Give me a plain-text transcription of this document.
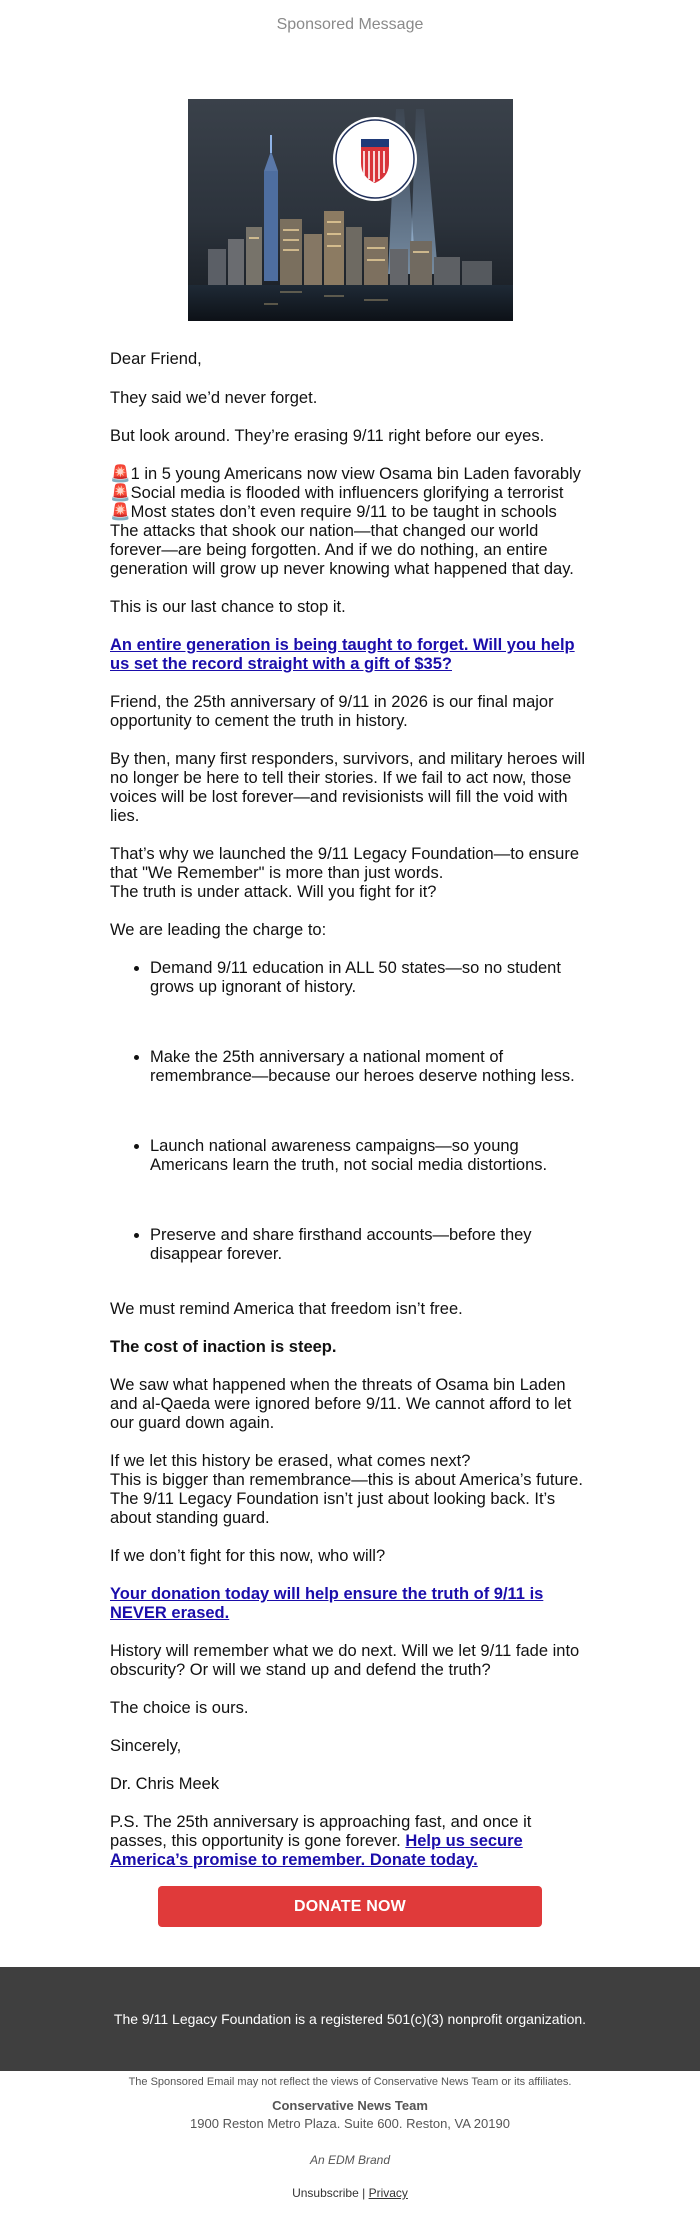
Sponsored Message

Dear Friend,

They said we’d never forget.

But look around. They’re erasing 9/11 right before our eyes.

🚨 1 in 5 young Americans now view Osama bin Laden favorably
🚨 Social media is flooded with influencers glorifying a terrorist
🚨 Most states don’t even require 9/11 to be taught in schools

The attacks that shook our nation—that changed our world forever—are being forgotten. And if we do nothing, an entire generation will grow up never knowing what happened that day.

This is our last chance to stop it.

An entire generation is being taught to forget. Will you help us set the record straight with a gift of $35?

Friend, the 25th anniversary of 9/11 in 2026 is our final major opportunity to cement the truth in history.

By then, many first responders, survivors, and military heroes will no longer be here to tell their stories. If we fail to act now, those voices will be lost forever—and revisionists will fill the void with lies.

That’s why we launched the 9/11 Legacy Foundation—to ensure that "We Remember" is more than just words.

The truth is under attack. Will you fight for it?

We are leading the charge to:

• Demand 9/11 education in ALL 50 states—so no student grows up ignorant of history.
• Make the 25th anniversary a national moment of remembrance—because our heroes deserve nothing less.
• Launch national awareness campaigns—so young Americans learn the truth, not social media distortions.
• Preserve and share firsthand accounts—before they disappear forever.

We must remind America that freedom isn’t free.

The cost of inaction is steep.

We saw what happened when the threats of Osama bin Laden and al-Qaeda were ignored before 9/11. We cannot afford to let our guard down again.

If we let this history be erased, what comes next?

This is bigger than remembrance—this is about America’s future. The 9/11 Legacy Foundation isn’t just about looking back. It’s about standing guard.

If we don’t fight for this now, who will?

Your donation today will help ensure the truth of 9/11 is NEVER erased.

History will remember what we do next. Will we let 9/11 fade into obscurity? Or will we stand up and defend the truth?

The choice is ours.

Sincerely,

Dr. Chris Meek

P.S. The 25th anniversary is approaching fast, and once it passes, this opportunity is gone forever. Help us secure America’s promise to remember. Donate today.

DONATE NOW
The 9/11 Legacy Foundation is a registered 501(c)(3) nonprofit organization.
The Sponsored Email may not reflect the views of Conservative News Team or its affiliates.
Conservative News Team
1900 Reston Metro Plaza. Suite 600. Reston, VA 20190
An EDM Brand
Unsubscribe | Privacy
